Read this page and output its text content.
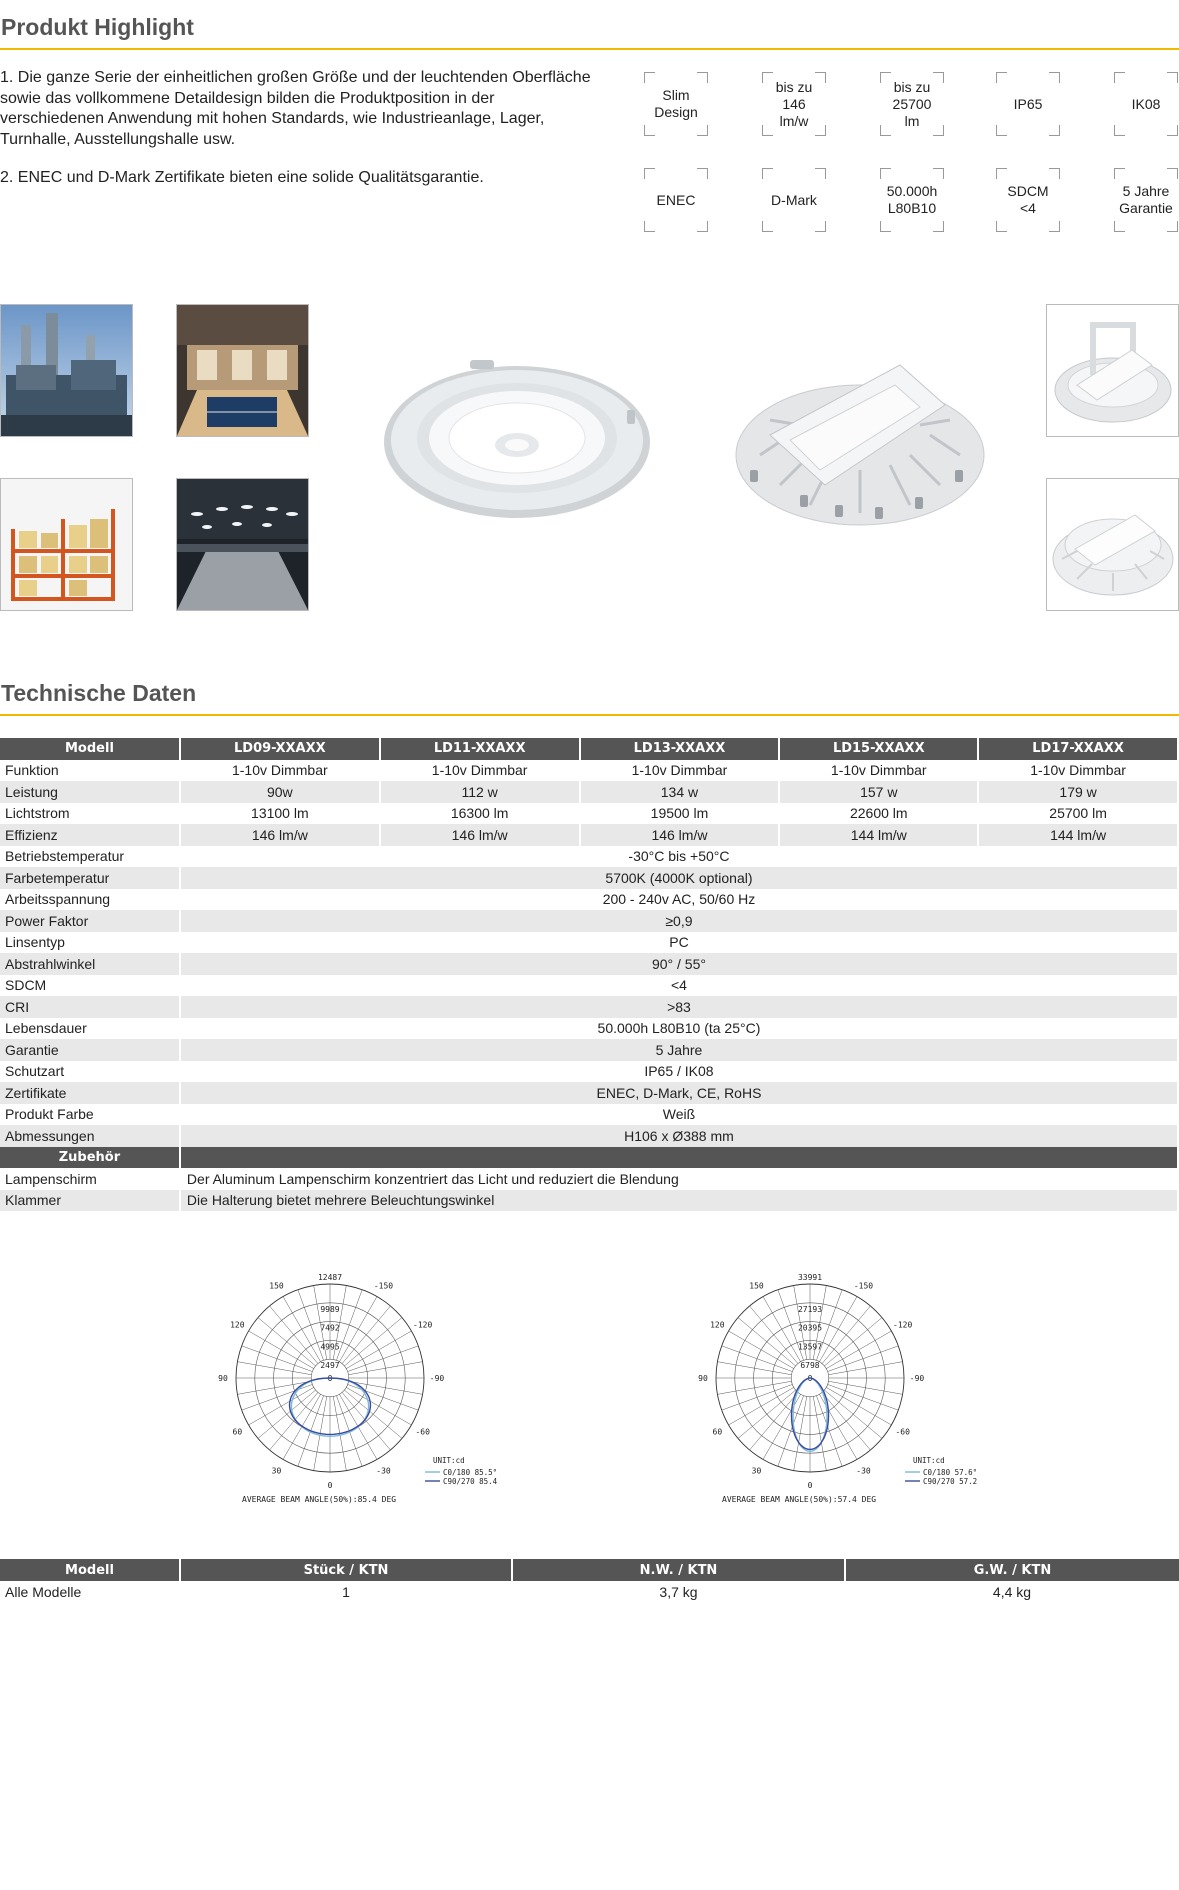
Produkt Highlight

1. Die ganze Serie der einheitlichen großen Größe und der leuchtenden Oberfläche sowie das vollkommene Detaildesign bilden die Produktposition in der verschiedenen Anwendung mit hohen Standards, wie Industrieanlage, Lager, Turnhalle, Ausstellungshalle usw.

2. ENEC und D-Mark Zertifikate bieten eine solide Qualitätsgarantie.

Slim
Design
bis zu
146
lm/w
bis zu
25700
lm
IP65	IK08
ENEC	D-Mark
50.000h
L80B10
SDCM
<4
5 Jahre
Garantie
Technische Daten
Modell	LD09-XXAXX	LD11-XXAXX	LD13-XXAXX	LD15-XXAXX	LD17-XXAXX
Funktion	1-10v Dimmbar	1-10v Dimmbar	1-10v Dimmbar	1-10v Dimmbar	1-10v Dimmbar
Leistung	90w	112 w	134 w	157 w	179 w
Lichtstrom	13100 lm	16300 lm	19500 lm	22600 lm	25700 lm
Effizienz	146 lm/w	146 lm/w	146 lm/w	144 lm/w	144 lm/w
Betriebstemperatur	-30°C bis +50°C				
Farbetemperatur	5700K (4000K optional)				
Arbeitsspannung	200 - 240v AC, 50/60 Hz				
Power Faktor	≥0,9				
Linsentyp	PC				
Abstrahlwinkel	90° / 55°				
SDCM	<4				
CRI	>83				
Lebensdauer	50.000h L80B10 (ta 25°C)				
Garantie	5 Jahre				
Schutzart	IP65 / IK08				
Zertifikate	ENEC, D-Mark, CE, RoHS				
Produkt Farbe	Weiß				
Abmessungen	H106 x Ø388 mm				
Zubehör					
Lampenschirm	Der Aluminum Lampenschirm konzentriert das Licht und reduziert die Blendung				
Klammer	Die Halterung bietet mehrere Beleuchtungswinkel				
12487
9989
7492
4995
2497
0
-150
150
-120
120
-90
90
-60
60
-30
30
0
UNIT:cd
C0/180 85.5°
C90/270 85.4
AVERAGE BEAM ANGLE(50%):85.4 DEG
33991
27193
20395
13597
6798
0
-150
150
-120
120
-90
90
-60
60
-30
30
0
UNIT:cd
C0/180 57.6°
C90/270 57.2
AVERAGE BEAM ANGLE(50%):57.4 DEG
Modell	Stück / KTN	N.W. / KTN	G.W. / KTN
Alle Modelle	1	3,7 kg	4,4 kg
